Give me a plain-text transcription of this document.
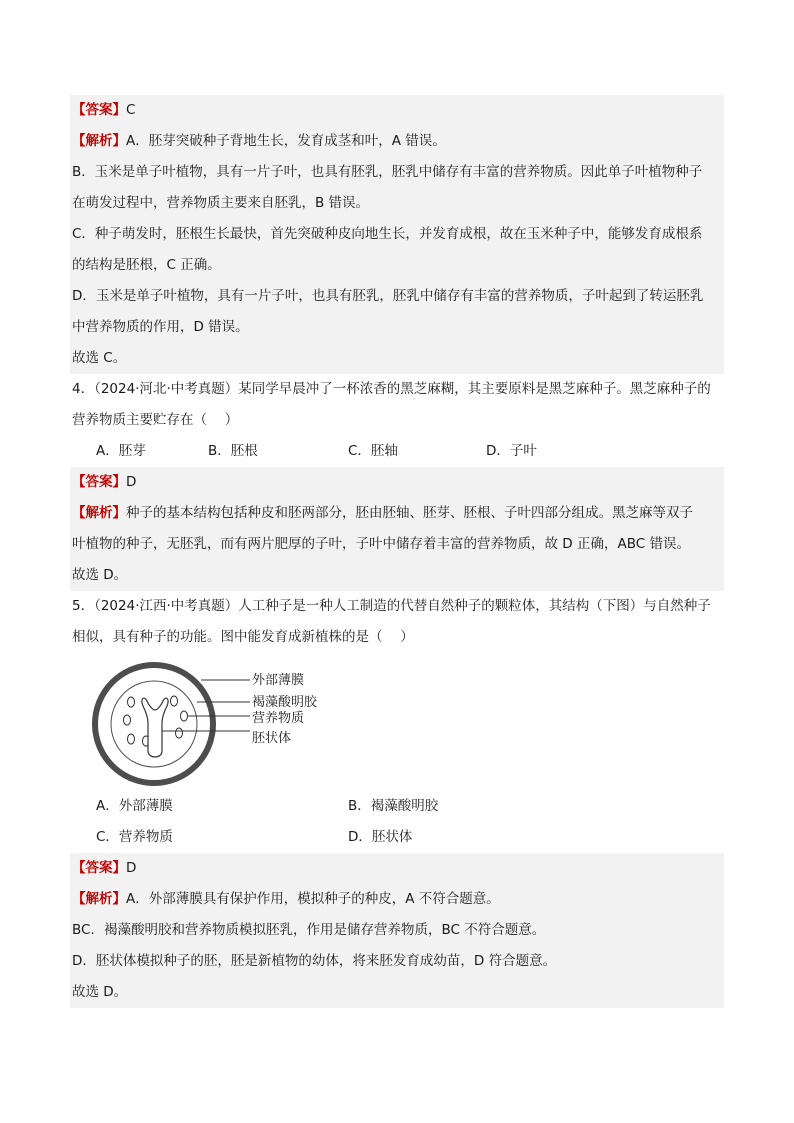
【答案】C
【解析】A．胚芽突破种子背地生长，发育成茎和叶，A 错误。
B．玉米是单子叶植物，具有一片子叶，也具有胚乳，胚乳中储存有丰富的营养物质。因此单子叶植物种子
在萌发过程中，营养物质主要来自胚乳，B 错误。
C．种子萌发时，胚根生长最快，首先突破种皮向地生长，并发育成根，故在玉米种子中，能够发育成根系
的结构是胚根，C 正确。
D．玉米是单子叶植物，具有一片子叶，也具有胚乳，胚乳中储存有丰富的营养物质，子叶起到了转运胚乳
中营养物质的作用，D 错误。
故选 C。
4．（2024·河北·中考真题）某同学早晨冲了一杯浓香的黑芝麻糊，其主要原料是黑芝麻种子。黑芝麻种子的
营养物质主要贮存在（　 ）
A．胚芽	B．胚根	C．胚轴	D．子叶
【答案】D
【解析】种子的基本结构包括种皮和胚两部分，胚由胚轴、胚芽、胚根、子叶四部分组成。黑芝麻等双子
叶植物的种子，无胚乳，而有两片肥厚的子叶，子叶中储存着丰富的营养物质，故 D 正确，ABC 错误。
故选 D。
5．（2024·江西·中考真题）人工种子是一种人工制造的代替自然种子的颗粒体，其结构（下图）与自然种子
相似，具有种子的功能。图中能发育成新植株的是（　 ）
外部薄膜
褐藻酸明胶
营养物质
胚状体
A．外部薄膜	B．褐藻酸明胶
C．营养物质	D．胚状体
【答案】D
【解析】A．外部薄膜具有保护作用，模拟种子的种皮，A 不符合题意。
BC．褐藻酸明胶和营养物质模拟胚乳，作用是储存营养物质，BC 不符合题意。
D．胚状体模拟种子的胚，胚是新植物的幼体，将来胚发育成幼苗，D 符合题意。
故选 D。
